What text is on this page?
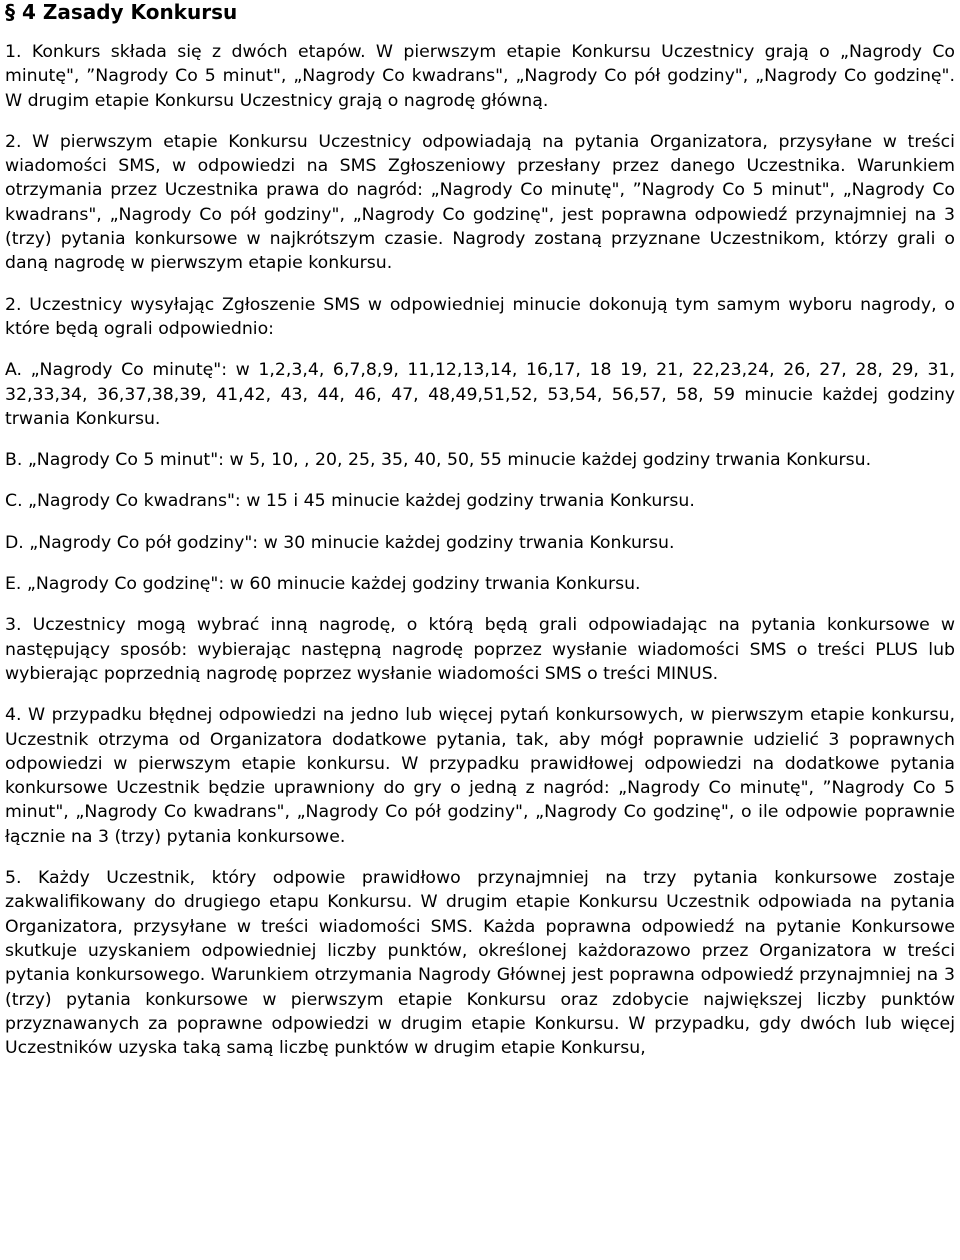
§ 4 Zasady Konkursu

1. Konkurs składa się z dwóch etapów. W pierwszym etapie Konkursu Uczestnicy grają o „Nagrody Co minutę", ”Nagrody Co 5 minut", „Nagrody Co kwadrans", „Nagrody Co pół godziny", „Nagrody Co godzinę". W drugim etapie Konkursu Uczestnicy grają o nagrodę główną.

2. W pierwszym etapie Konkursu Uczestnicy odpowiadają na pytania Organizatora, przysyłane w treści wiadomości SMS, w odpowiedzi na SMS Zgłoszeniowy przesłany przez danego Uczestnika. Warunkiem otrzymania przez Uczestnika prawa do nagród: „Nagrody Co minutę", ”Nagrody Co 5 minut", „Nagrody Co kwadrans", „Nagrody Co pół godziny", „Nagrody Co godzinę", jest poprawna odpowiedź przynajmniej na 3 (trzy) pytania konkursowe w najkrótszym czasie. Nagrody zostaną przyznane Uczestnikom, którzy grali o daną nagrodę w pierwszym etapie konkursu.

2. Uczestnicy wysyłając Zgłoszenie SMS w odpowiedniej minucie dokonują tym samym wyboru nagrody, o które będą ograli odpowiednio:

A. „Nagrody Co minutę": w 1,2,3,4, 6,7,8,9, 11,12,13,14, 16,17, 18 19, 21, 22,23,24, 26, 27, 28, 29, 31, 32,33,34, 36,37,38,39, 41,42, 43, 44, 46, 47, 48,49,51,52, 53,54, 56,57, 58, 59 minucie każdej godziny trwania Konkursu.

B. „Nagrody Co 5 minut": w 5, 10, , 20, 25, 35, 40, 50, 55 minucie każdej godziny trwania Konkursu.

C. „Nagrody Co kwadrans": w 15 i 45 minucie każdej godziny trwania Konkursu.

D. „Nagrody Co pół godziny": w 30 minucie każdej godziny trwania Konkursu.

E. „Nagrody Co godzinę": w 60 minucie każdej godziny trwania Konkursu.

3. Uczestnicy mogą wybrać inną nagrodę, o którą będą grali odpowiadając na pytania konkursowe w następujący sposób: wybierając następną nagrodę poprzez wysłanie wiadomości SMS o treści PLUS lub wybierając poprzednią nagrodę poprzez wysłanie wiadomości SMS o treści MINUS.

4. W przypadku błędnej odpowiedzi na jedno lub więcej pytań konkursowych, w pierwszym etapie konkursu, Uczestnik otrzyma od Organizatora dodatkowe pytania, tak, aby mógł poprawnie udzielić 3 poprawnych odpowiedzi w pierwszym etapie konkursu. W przypadku prawidłowej odpowiedzi na dodatkowe pytania konkursowe Uczestnik będzie uprawniony do gry o jedną z nagród: „Nagrody Co minutę", ”Nagrody Co 5 minut", „Nagrody Co kwadrans", „Nagrody Co pół godziny", „Nagrody Co godzinę", o ile odpowie poprawnie łącznie na 3 (trzy) pytania konkursowe.

5. Każdy Uczestnik, który odpowie prawidłowo przynajmniej na trzy pytania konkursowe zostaje zakwalifikowany do drugiego etapu Konkursu. W drugim etapie Konkursu Uczestnik odpowiada na pytania Organizatora, przysyłane w treści wiadomości SMS. Każda poprawna odpowiedź na pytanie Konkursowe skutkuje uzyskaniem odpowiedniej liczby punktów, określonej każdorazowo przez Organizatora w treści pytania konkursowego. Warunkiem otrzymania Nagrody Głównej jest poprawna odpowiedź przynajmniej na 3 (trzy) pytania konkursowe w pierwszym etapie Konkursu oraz zdobycie największej liczby punktów przyznawanych za poprawne odpowiedzi w drugim etapie Konkursu. W przypadku, gdy dwóch lub więcej Uczestników uzyska taką samą liczbę punktów w drugim etapie Konkursu,
